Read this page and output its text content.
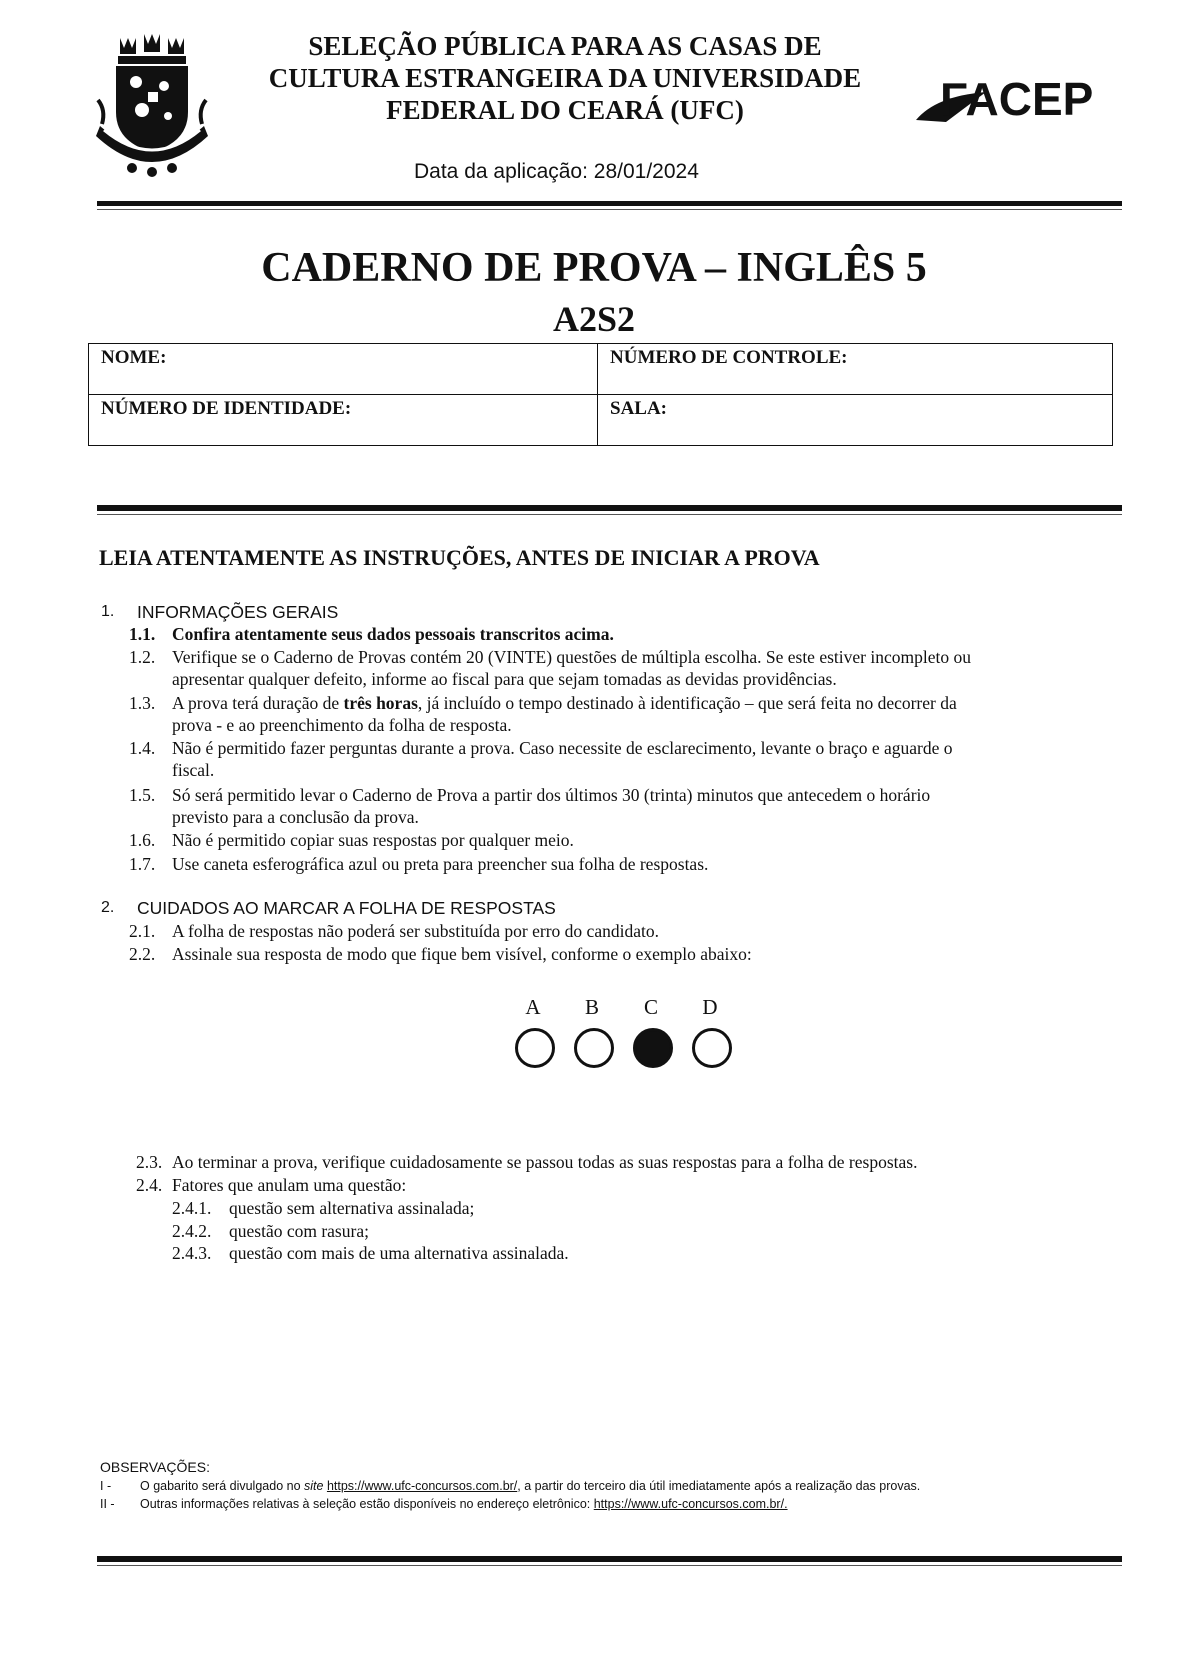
SELEÇÃO PÚBLICA PARA AS CASAS DE
CULTURA ESTRANGEIRA DA UNIVERSIDADE
FEDERAL DO CEARÁ (UFC)	FACEP
Data da aplicação: 28/01/2024
CADERNO DE PROVA – INGLÊS 5
A2S2
NOME:	NÚMERO DE CONTROLE:
NÚMERO DE IDENTIDADE:	SALA:
LEIA ATENTAMENTE AS INSTRUÇÕES, ANTES DE INICIAR A PROVA
1. INFORMAÇÕES GERAIS
1.1. Confira atentamente seus dados pessoais transcritos acima.
1.2. Verifique se o Caderno de Provas contém 20 (VINTE) questões de múltipla escolha. Se este estiver incompleto ou
apresentar qualquer defeito, informe ao fiscal para que sejam tomadas as devidas providências.
1.3. A prova terá duração de três horas, já incluído o tempo destinado à identificação – que será feita no decorrer da
prova - e ao preenchimento da folha de resposta.
1.4. Não é permitido fazer perguntas durante a prova. Caso necessite de esclarecimento, levante o braço e aguarde o
fiscal.
1.5. Só será permitido levar o Caderno de Prova a partir dos últimos 30 (trinta) minutos que antecedem o horário
previsto para a conclusão da prova.
1.6. Não é permitido copiar suas respostas por qualquer meio.
1.7. Use caneta esferográfica azul ou preta para preencher sua folha de respostas.
2. CUIDADOS AO MARCAR A FOLHA DE RESPOSTAS
2.1. A folha de respostas não poderá ser substituída por erro do candidato.
2.2. Assinale sua resposta de modo que fique bem visível, conforme o exemplo abaixo:
A	B	C	D
2.3. Ao terminar a prova, verifique cuidadosamente se passou todas as suas respostas para a folha de respostas.
2.4. Fatores que anulam uma questão:
2.4.1. questão sem alternativa assinalada;
2.4.2. questão com rasura;
2.4.3. questão com mais de uma alternativa assinalada.
OBSERVAÇÕES:
I - O gabarito será divulgado no site https://www.ufc-concursos.com.br/, a partir do terceiro dia útil imediatamente após a realização das provas.
II - Outras informações relativas à seleção estão disponíveis no endereço eletrônico: https://www.ufc-concursos.com.br/.
